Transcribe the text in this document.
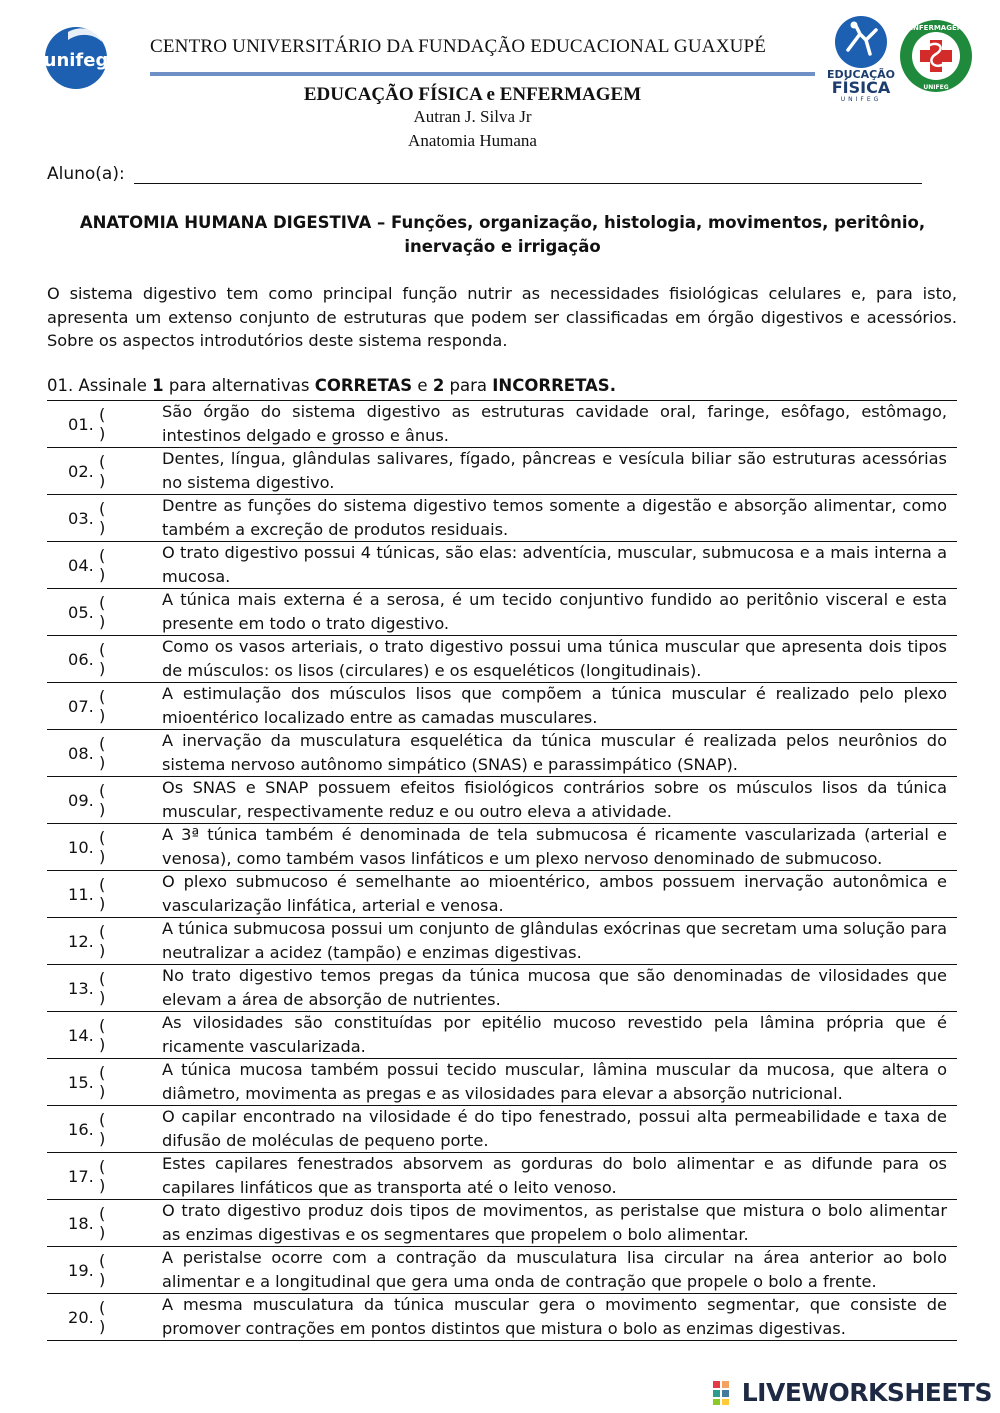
unifeg
CENTRO UNIVERSITÁRIO DA FUNDAÇÃO EDUCACIONAL GUAXUPÉ
EDUCAÇÃO
FÍSICA
UNIFEG
ENFERMAGEM
UNIFEG
EDUCAÇÃO FÍSICA e ENFERMAGEM
Autran J. Silva Jr
Anatomia Humana
Aluno(a):
ANATOMIA HUMANA DIGESTIVA – Funções, organização, histologia, movimentos, peritônio, inervação e irrigação
O sistema digestivo tem como principal função nutrir as necessidades fisiológicas celulares e, para isto, apresenta um extenso conjunto de estruturas que podem ser classificadas em órgão digestivos e acessórios. Sobre os aspectos introdutórios deste sistema responda.
01. Assinale 1 para alternativas CORRETAS e 2 para INCORRETAS.
01.
()
São órgão do sistema digestivo as estruturas cavidade oral, faringe, esôfago, estômago, intestinos delgado e grosso e ânus.
02.
()
Dentes, língua, glândulas salivares, fígado, pâncreas e vesícula biliar são estruturas acessórias no sistema digestivo.
03.
()
Dentre as funções do sistema digestivo temos somente a digestão e absorção alimentar, como também a excreção de produtos residuais.
04.
()
O trato digestivo possui 4 túnicas, são elas: adventícia, muscular, submucosa e a mais interna a mucosa.
05.
()
A túnica mais externa é a serosa, é um tecido conjuntivo fundido ao peritônio visceral e esta presente em todo o trato digestivo.
06.
()
Como os vasos arteriais, o trato digestivo possui uma túnica muscular que apresenta dois tipos de músculos: os lisos (circulares) e os esqueléticos (longitudinais).
07.
()
A estimulação dos músculos lisos que compõem a túnica muscular é realizado pelo plexo mioentérico localizado entre as camadas musculares.
08.
()
A inervação da musculatura esquelética da túnica muscular é realizada pelos neurônios do sistema nervoso autônomo simpático (SNAS) e parassimpático (SNAP).
09.
()
Os SNAS e SNAP possuem efeitos fisiológicos contrários sobre os músculos lisos da túnica muscular, respectivamente reduz e ou outro eleva a atividade.
10.
()
A 3ª túnica também é denominada de tela submucosa é ricamente vascularizada (arterial e venosa), como também vasos linfáticos e um plexo nervoso denominado de submucoso.
11.
()
O plexo submucoso é semelhante ao mioentérico, ambos possuem inervação autonômica e vascularização linfática, arterial e venosa.
12.
()
A túnica submucosa possui um conjunto de glândulas exócrinas que secretam uma solução para neutralizar a acidez (tampão) e enzimas digestivas.
13.
()
No trato digestivo temos pregas da túnica mucosa que são denominadas de vilosidades que elevam a área de absorção de nutrientes.
14.
()
As vilosidades são constituídas por epitélio mucoso revestido pela lâmina própria que é ricamente vascularizada.
15.
()
A túnica mucosa também possui tecido muscular, lâmina muscular da mucosa, que altera o diâmetro, movimenta as pregas e as vilosidades para elevar a absorção nutricional.
16.
()
O capilar encontrado na vilosidade é do tipo fenestrado, possui alta permeabilidade e taxa de difusão de moléculas de pequeno porte.
17.
()
Estes capilares fenestrados absorvem as gorduras do bolo alimentar e as difunde para os capilares linfáticos que as transporta até o leito venoso.
18.
()
O trato digestivo produz dois tipos de movimentos, as peristalse que mistura o bolo alimentar as enzimas digestivas e os segmentares que propelem o bolo alimentar.
19.
()
A peristalse ocorre com a contração da musculatura lisa circular na área anterior ao bolo alimentar e a longitudinal que gera uma onda de contração que propele o bolo a frente.
20.
()
A mesma musculatura da túnica muscular gera o movimento segmentar, que consiste de promover contrações em pontos distintos que mistura o bolo as enzimas digestivas.
LIVEWORKSHEETS
